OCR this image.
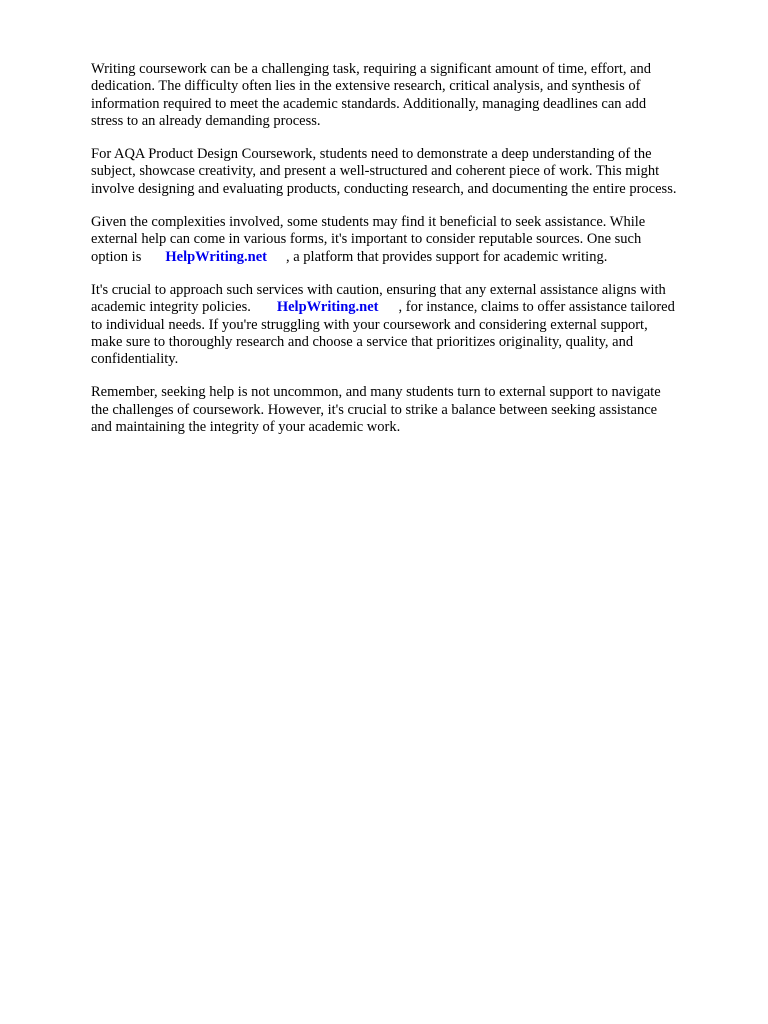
Writing coursework can be a challenging task, requiring a significant amount of time, effort, and
dedication. The difficulty often lies in the extensive research, critical analysis, and synthesis of
information required to meet the academic standards. Additionally, managing deadlines can add
stress to an already demanding process.

For AQA Product Design Coursework, students need to demonstrate a deep understanding of the
subject, showcase creativity, and present a well-structured and coherent piece of work. This might
involve designing and evaluating products, conducting research, and documenting the entire process.

Given the complexities involved, some students may find it beneficial to seek assistance. While
external help can come in various forms, it's important to consider reputable sources. One such
option is HelpWriting.net , a platform that provides support for academic writing.

It's crucial to approach such services with caution, ensuring that any external assistance aligns with
academic integrity policies. HelpWriting.net , for instance, claims to offer assistance tailored
to individual needs. If you're struggling with your coursework and considering external support,
make sure to thoroughly research and choose a service that prioritizes originality, quality, and
confidentiality.

Remember, seeking help is not uncommon, and many students turn to external support to navigate
the challenges of coursework. However, it's crucial to strike a balance between seeking assistance
and maintaining the integrity of your academic work.
